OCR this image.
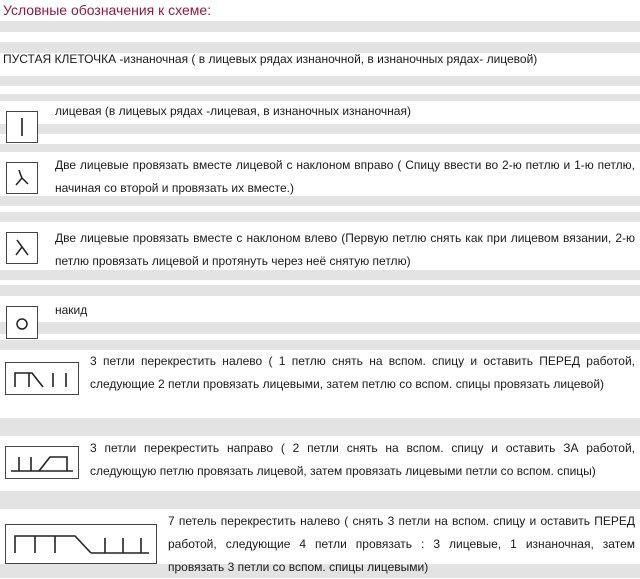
Условные обозначения к схеме:
ПУСТАЯ КЛЕТОЧКА -изнаночная ( в лицевых рядах изнаночной, в изнаночных рядах- лицевой)
лицевая (в лицевых рядах -лицевая, в изнаночных изнаночная)
Две лицевые провязать вместе лицевой с наклоном вправо ( Спицу ввести во 2-ю петлю и 1-ю петлю, начиная со второй и провязать их вместе.)
Две лицевые провязать вместе с наклоном влево (Первую петлю снять как при лицевом вязании, 2-ю петлю провязать лицевой и протянуть через неё снятую петлю)
накид
3 петли перекрестить налево ( 1 петлю снять на вспом. спицу и оставить ПЕРЕД работой, следующие 2 петли провязать лицевыми, затем петлю со вспом. спицы провязать лицевой)
3 петли перекрестить направо ( 2 петли снять на вспом. спицу и оставить ЗА работой, следующую петлю провязать лицевой, затем провязать лицевыми петли со вспом. спицы)
7 петель перекрестить налево ( снять 3 петли на вспом. спицу и оставить ПЕРЕД работой, следующие 4 петли провязать : 3 лицевые, 1 изнаночная, затем провязать 3 петли со вспом. спицы лицевыми)
